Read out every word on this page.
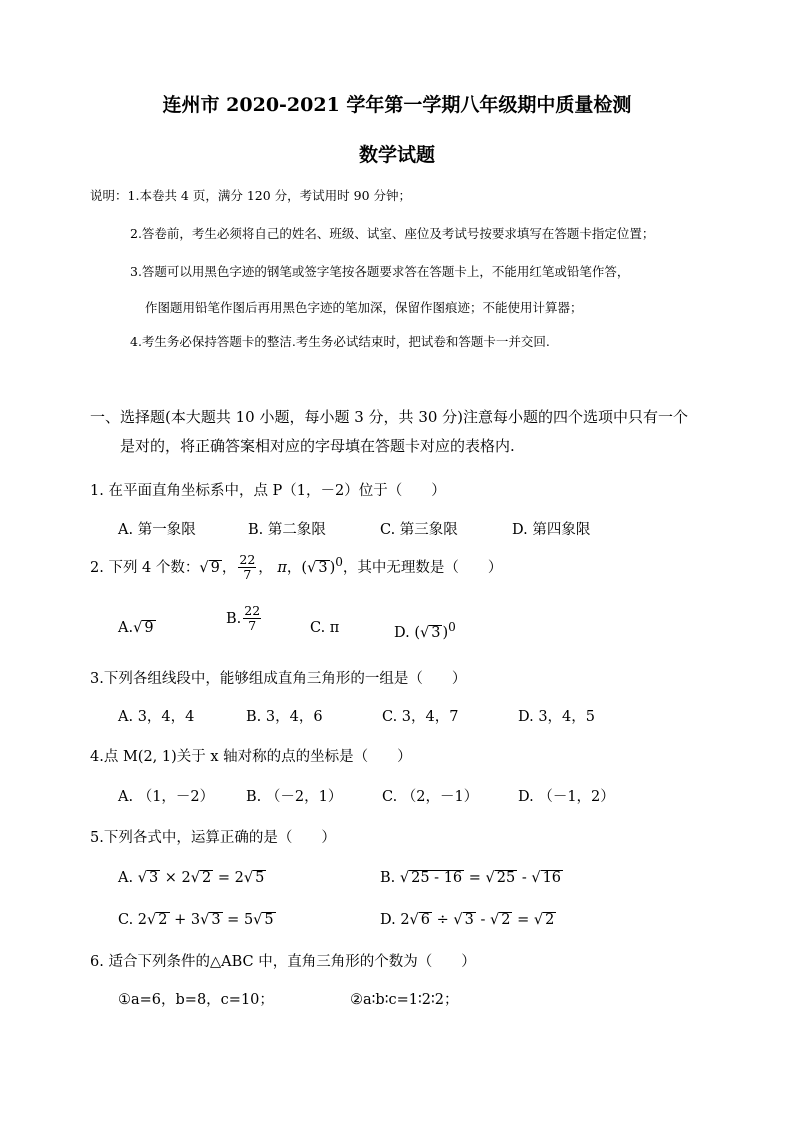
连州市 2020-2021 学年第一学期八年级期中质量检测
数学试题
说明：1.本卷共 4 页，满分 120 分，考试用时 90 分钟；
2.答卷前，考生必须将自己的姓名、班级、试室、座位及考试号按要求填写在答题卡指定位置；
3.答题可以用黑色字迹的钢笔或签字笔按各题要求答在答题卡上，不能用红笔或铅笔作答，
作图题用铅笔作图后再用黑色字迹的笔加深，保留作图痕迹；不能使用计算器；
4.考生务必保持答题卡的整洁.考生务必试结束时，把试卷和答题卡一并交回.
一、选择题(本大题共 10 小题，每小题 3 分，共 30 分)注意每小题的四个选项中只有一个
是对的，将正确答案相对应的字母填在答题卡对应的表格内.
1. 在平面直角坐标系中，点 P（1，－2）位于（　　）
A. 第一象限	B. 第二象限	C. 第三象限	D. 第四象限
2. 下列 4 个数：√ 9 ， $\frac{22}{7}$ ， π，(√ 3 )$^0$，其中无理数是（　　）
A.√ 9
B. $\frac{22}{7}$	C. π	D. (√ 3 )$^0$
3.下列各组线段中，能够组成直角三角形的一组是（　　）
A. 3，4，4	B. 3，4，6	C. 3，4，7	D. 3，4，5
4.点 M(2, 1)关于 x 轴对称的点的坐标是（　　）
A. （1，－2） B. （－2，1）	C. （2，－1）	D. （－1，2）
5.下列各式中，运算正确的是（　　）
A. √ 3 × 2√ 2 = 2√ 5	B. √ 25 - 16 = √ 25 - √ 16
C. 2√ 2 + 3√ 3 = 5√ 5	D. 2√ 6 ÷ √ 3 - √ 2 = √ 2
6. 适合下列条件的△ABC 中，直角三角形的个数为（　　）
①a=6，b=8，c=10；	②a∶b∶c=1∶2∶2；
